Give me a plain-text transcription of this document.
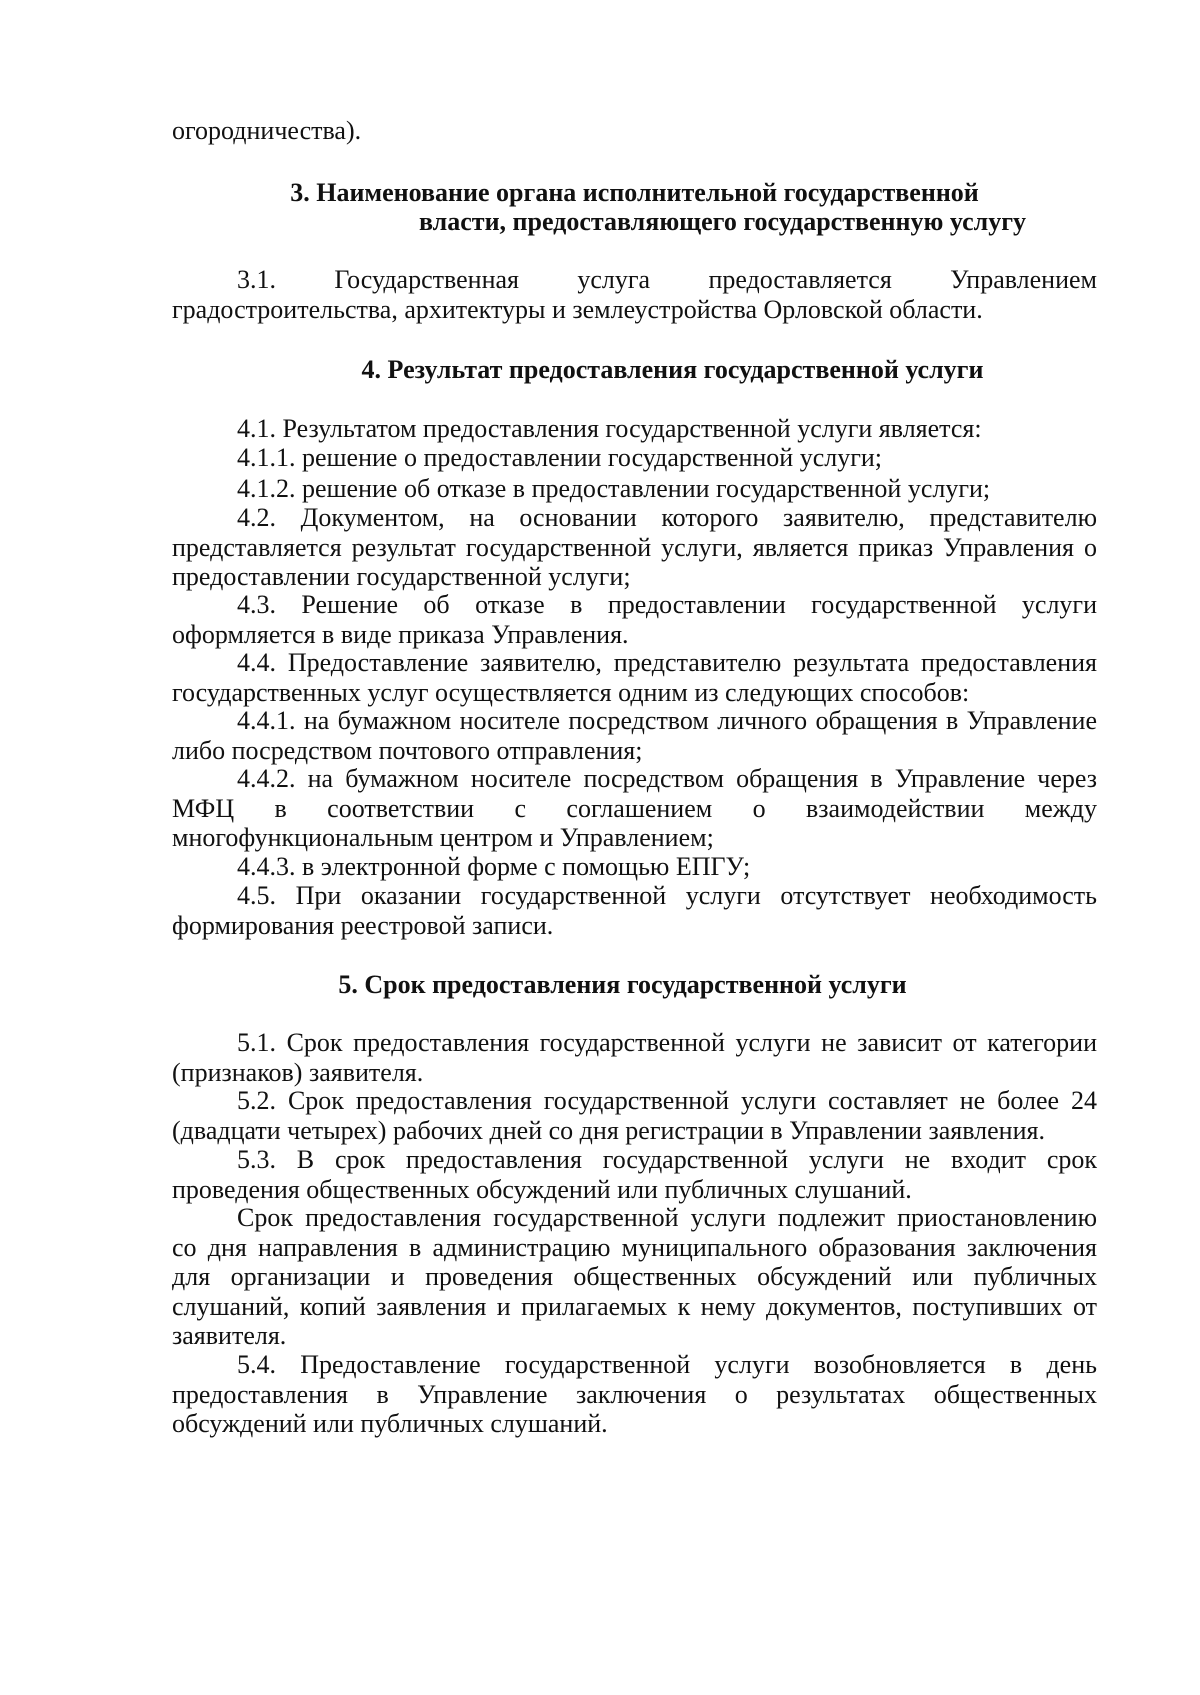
огородничества).

3. Наименование органа исполнительной государственной

власти, предоставляющего государственную услугу

3.1. Государственная услуга предоставляется Управлением градостроительства, архитектуры и землеустройства Орловской области.

4. Результат предоставления государственной услуги

4.1. Результатом предоставления государственной услуги является:

4.1.1. решение о предоставлении государственной услуги;

4.1.2. решение об отказе в предоставлении государственной услуги;

4.2. Документом, на основании которого заявителю, представителю представляется результат государственной услуги, является приказ Управления о предоставлении государственной услуги;

4.3. Решение об отказе в предоставлении государственной услуги оформляется в виде приказа Управления.

4.4. Предоставление заявителю, представителю результата предоставления государственных услуг осуществляется одним из следующих способов:

4.4.1. на бумажном носителе посредством личного обращения в Управление либо посредством почтового отправления;

4.4.2. на бумажном носителе посредством обращения в Управление через МФЦ в соответствии с соглашением о взаимодействии между многофункциональным центром и Управлением;

4.4.3. в электронной форме с помощью ЕПГУ;

4.5. При оказании государственной услуги отсутствует необходимость формирования реестровой записи.

5. Срок предоставления государственной услуги

5.1. Срок предоставления государственной услуги не зависит от категории (признаков) заявителя.

5.2. Срок предоставления государственной услуги составляет не более 24 (двадцати четырех) рабочих дней со дня регистрации в Управлении заявления.

5.3. В срок предоставления государственной услуги не входит срок проведения общественных обсуждений или публичных слушаний.

Срок предоставления государственной услуги подлежит приостановлению со дня направления в администрацию муниципального образования заключения для организации и проведения общественных обсуждений или публичных слушаний, копий заявления и прилагаемых к нему документов, поступивших от заявителя.

5.4. Предоставление государственной услуги возобновляется в день предоставления в Управление заключения о результатах общественных обсуждений или публичных слушаний.
